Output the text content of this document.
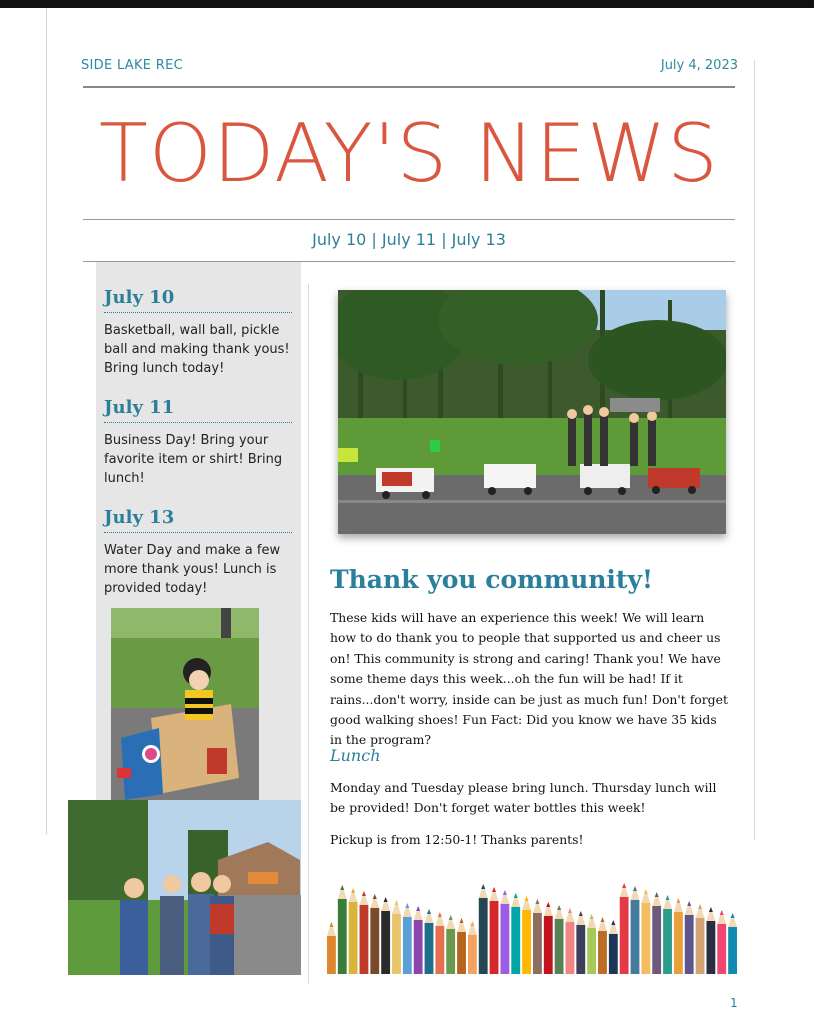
SIDE LAKE REC	July 4, 2023
TODAY'S NEWS
July 10 | July 11 | July 13

July 10

Basketball, wall ball, pickle ball and making thank yous! Bring lunch today!

July 11

Business Day! Bring your favorite item or shirt! Bring lunch!

July 13

Water Day and make a few more thank yous! Lunch is provided today!	Thank you community!

These kids will have an experience this week! We will learn how to do thank you to people that supported us and cheer us on! This community is strong and caring! Thank you! We have some theme days this week...oh the fun will be had! If it rains...don't worry, inside can be just as much fun! Don't forget good walking shoes! Fun Fact: Did you know we have 35 kids in the program?

Lunch

Monday and Tuesday please bring lunch. Thursday lunch will be provided! Don't forget water bottles this week!

Pickup is from 12:50-1! Thanks parents!

1
